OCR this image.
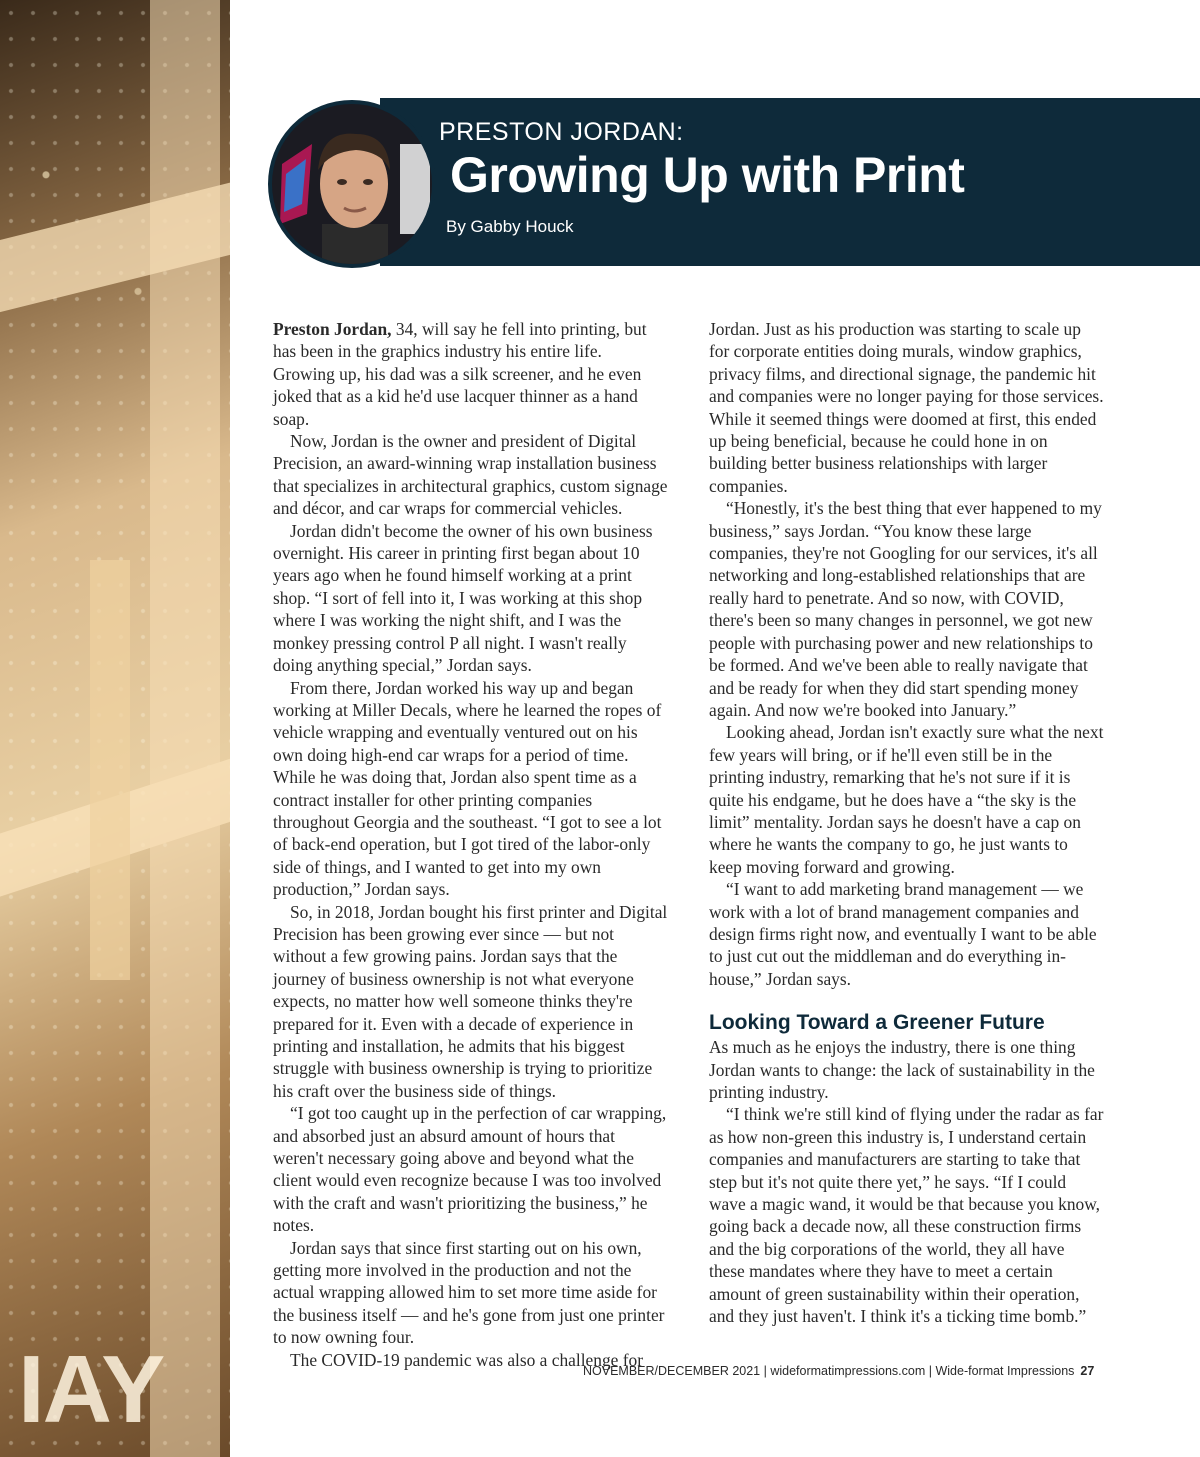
IAY
PRESTON JORDAN:
Growing Up with Print
By Gabby Houck

Preston Jordan, 34, will say he fell into printing, but has been in the graphics industry his entire life. Growing up, his dad was a silk screener, and he even joked that as a kid he'd use lacquer thinner as a hand soap.

Now, Jordan is the owner and president of Digital Precision, an award-winning wrap installation business that specializes in architectural graphics, custom signage and décor, and car wraps for commercial vehicles.

Jordan didn't become the owner of his own business overnight. His career in printing first began about 10 years ago when he found himself working at a print shop. “I sort of fell into it, I was working at this shop where I was working the night shift, and I was the monkey pressing control P all night. I wasn't really doing anything special,” Jordan says.

From there, Jordan worked his way up and began working at Miller Decals, where he learned the ropes of vehicle wrapping and eventually ventured out on his own doing high-end car wraps for a period of time. While he was doing that, Jordan also spent time as a contract installer for other printing companies throughout Georgia and the southeast. “I got to see a lot of back-end operation, but I got tired of the labor-only side of things, and I wanted to get into my own production,” Jordan says.

So, in 2018, Jordan bought his first printer and Digital Precision has been growing ever since — but not without a few growing pains. Jordan says that the journey of business ownership is not what everyone expects, no matter how well someone thinks they're prepared for it. Even with a decade of experience in printing and installation, he admits that his biggest struggle with business ownership is trying to prioritize his craft over the business side of things.

“I got too caught up in the perfection of car wrapping, and absorbed just an absurd amount of hours that weren't necessary going above and beyond what the client would even recognize because I was too involved with the craft and wasn't prioritizing the business,” he notes.

Jordan says that since first starting out on his own, getting more involved in the production and not the actual wrapping allowed him to set more time aside for the business itself — and he's gone from just one printer to now owning four.

The COVID-19 pandemic was also a challenge for

Jordan. Just as his production was starting to scale up for corporate entities doing murals, window graphics, privacy films, and directional signage, the pandemic hit and companies were no longer paying for those services. While it seemed things were doomed at first, this ended up being beneficial, because he could hone in on building better business relationships with larger companies.

“Honestly, it's the best thing that ever happened to my business,” says Jordan. “You know these large companies, they're not Googling for our services, it's all networking and long-established relationships that are really hard to penetrate. And so now, with COVID, there's been so many changes in personnel, we got new people with purchasing power and new relationships to be formed. And we've been able to really navigate that and be ready for when they did start spending money again. And now we're booked into January.”

Looking ahead, Jordan isn't exactly sure what the next few years will bring, or if he'll even still be in the printing industry, remarking that he's not sure if it is quite his endgame, but he does have a “the sky is the limit” mentality. Jordan says he doesn't have a cap on where he wants the company to go, he just wants to keep moving forward and growing.

“I want to add marketing brand management — we work with a lot of brand management companies and design firms right now, and eventually I want to be able to just cut out the middleman and do everything in-house,” Jordan says.

Looking Toward a Greener Future

As much as he enjoys the industry, there is one thing Jordan wants to change: the lack of sustainability in the printing industry.

“I think we're still kind of flying under the radar as far as how non-green this industry is, I understand certain companies and manufacturers are starting to take that step but it's not quite there yet,” he says. “If I could wave a magic wand, it would be that because you know, going back a decade now, all these construction firms and the big corporations of the world, they all have these mandates where they have to meet a certain amount of green sustainability within their operation, and they just haven't. I think it's a ticking time bomb.”

NOVEMBER/DECEMBER 2021 | wideformatimpressions.com | Wide-format Impressions 27
